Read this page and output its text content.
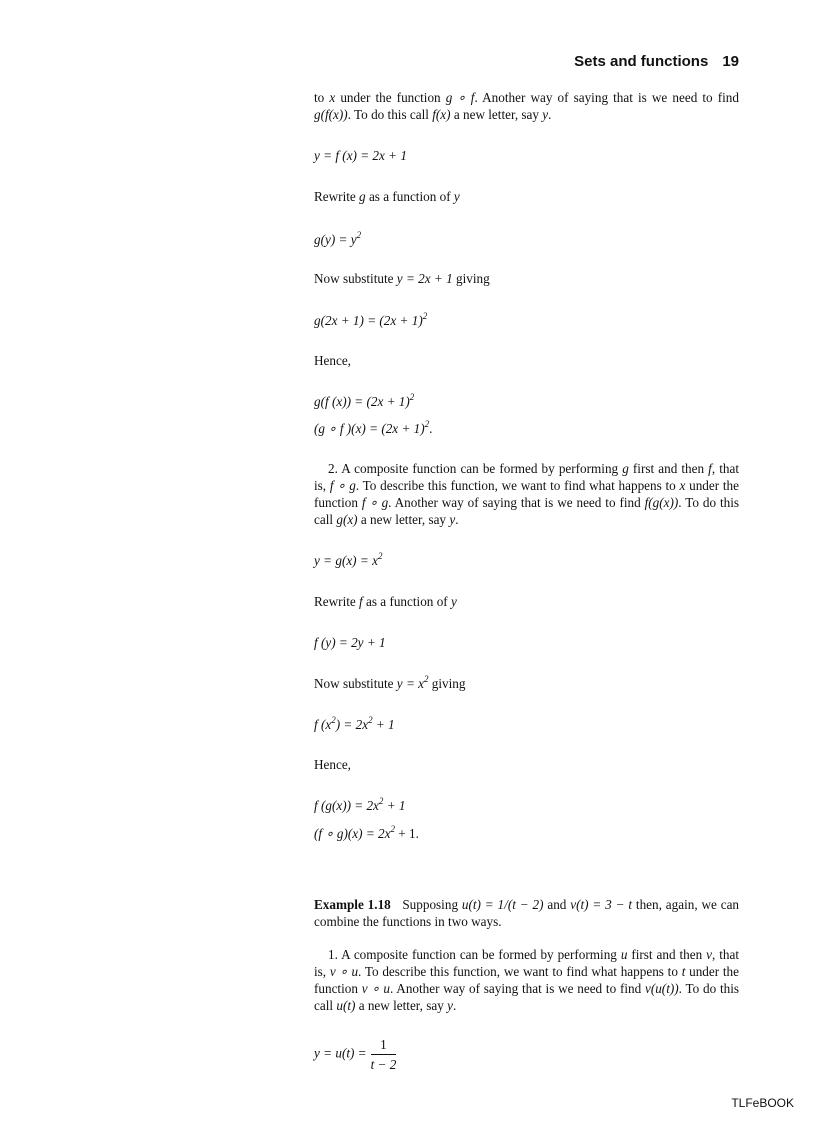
Sets and functions 19
to x under the function g ∘ f. Another way of saying that is we need to find g(f(x)). To do this call f(x) a new letter, say y.
y = f (x) = 2x + 1
Rewrite g as a function of y
$g(y) = y^2$
Now substitute y = 2x + 1 giving
$g(2x + 1) = (2x + 1)^2$
Hence,
g(f $(x)) = (2x + 1)^2$
(g ∘ f )$(x) = (2x + 1)^2$.
2. A composite function can be formed by performing g first and then f, that is, f ∘ g. To describe this function, we want to find what happens to x under the function f ∘ g. Another way of saying that is we need to find f(g(x)). To do this call g(x) a new letter, say y.
$y = g(x) = x^2$
Rewrite f as a function of y
f (y) = 2y + 1
Now substitute $y = x^2$ giving
f $(x^2) = 2x^2 + 1$
Hence,
f $(g(x)) = 2x^2 + 1$
(f ∘ $g)(x) = 2x^2 + 1$.
Example 1.18 Supposing u(t) = 1/(t − 2) and v(t) = 3 − t then, again, we can combine the functions in two ways.
1. A composite function can be formed by performing u first and then v, that is, v ∘ u. To describe this function, we want to find what happens to t under the function v ∘ u. Another way of saying that is we need to find v(u(t)). To do this call u(t) a new letter, say y.
$y = u(t) = \frac{1}{t - 2}$
TLFeBOOK
